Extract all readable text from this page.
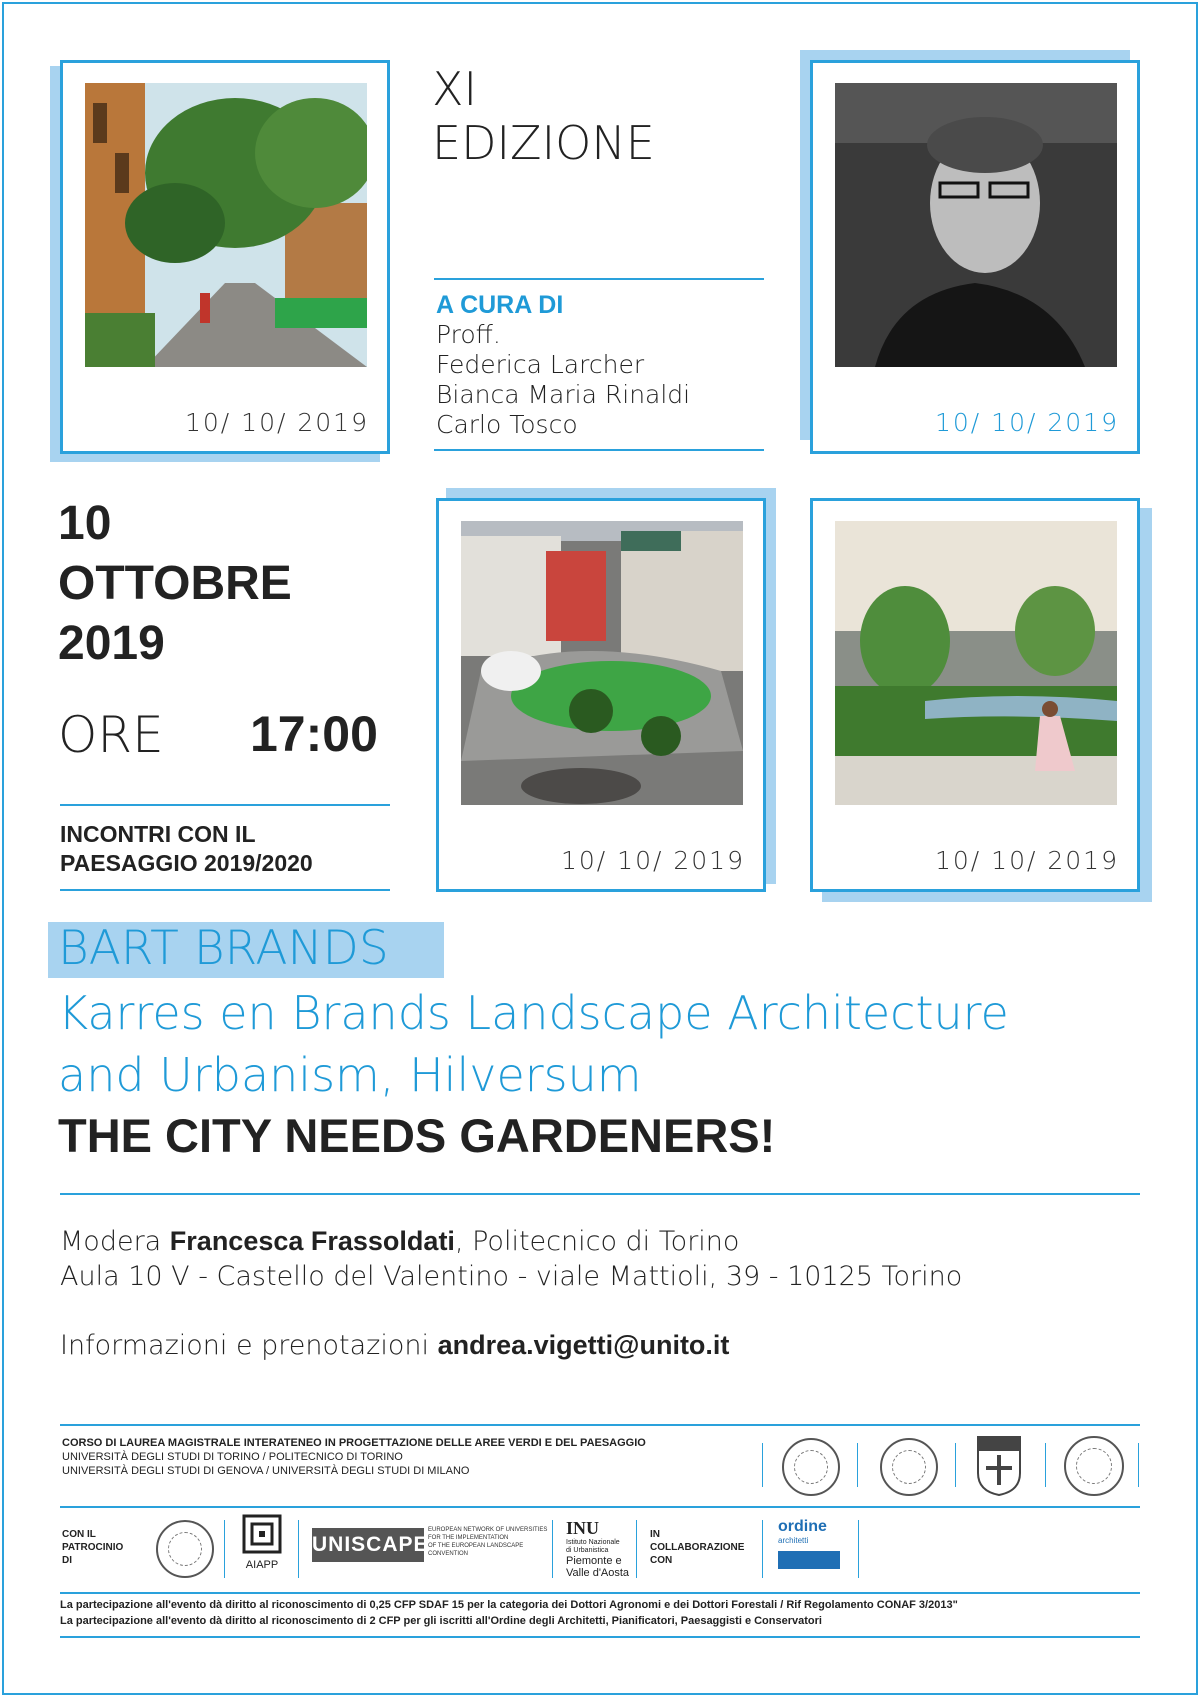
10/ 10/ 2019
XI
EDIZIONE
A CURA DI
Proff.
Federica Larcher
Bianca Maria Rinaldi
Carlo Tosco	10/ 10/ 2019
10
OTTOBRE
2019
ORE 17:00
INCONTRI CON IL
PAESAGGIO 2019/2020	10/ 10/ 2019	10/ 10/ 2019
BART BRANDS
Karres en Brands Landscape Architecture
and Urbanism, Hilversum
THE CITY NEEDS GARDENERS!
Modera Francesca Frassoldati, Politecnico di Torino
Aula 10 V - Castello del Valentino - viale Mattioli, 39 - 10125 Torino
Informazioni e prenotazioni andrea.vigetti@unito.it
CORSO DI LAUREA MAGISTRALE INTERATENEO IN PROGETTAZIONE DELLE AREE VERDI E DEL PAESAGGIO
UNIVERSITÀ DEGLI STUDI DI TORINO / POLITECNICO DI TORINO
UNIVERSITÀ DEGLI STUDI DI GENOVA / UNIVERSITÀ DEGLI STUDI DI MILANO
CON IL
PATROCINIO
DI	AIAPP
UNISCAPE
EUROPEAN NETWORK OF UNIVERSITIES
FOR THE IMPLEMENTATION
OF THE EUROPEAN LANDSCAPE
CONVENTION
INU
Istituto Nazionale
di Urbanistica
Piemonte e
Valle d'Aosta
IN
COLLABORAZIONE
CON
ordine
architetti
La partecipazione all'evento dà diritto al riconoscimento di 0,25 CFP SDAF 15 per la categoria dei Dottori Agronomi e dei Dottori Forestali / Rif Regolamento CONAF 3/2013"
La partecipazione all'evento dà diritto al riconoscimento di 2 CFP per gli iscritti all'Ordine degli Architetti, Pianificatori, Paesaggisti e Conservatori
